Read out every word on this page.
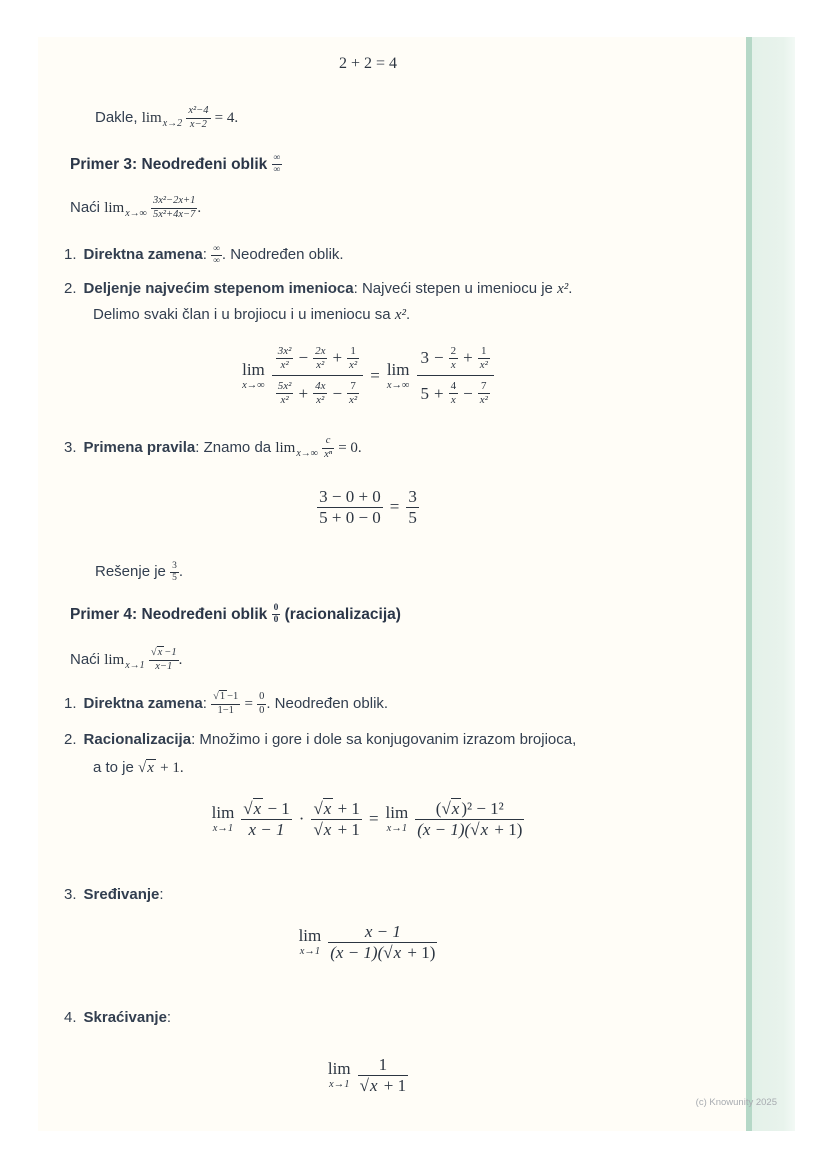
2 + 2 = 4
Dakle, $\lim_{x\to 2} \frac{\text{x²−4}}{x-2} = 4$.
Primer 3: Neodređeni oblik $\frac{\infty}{\infty}$
Naći $\lim_{x\to\infty} \frac{\text{3x²−2x+1}}{\text{5x²+4x−7}}$ .
1. Direktna zamena: $\frac{\infty}{\infty}$ . Neodređen oblik.
2. Deljenje najvećim stepenom imenioca: Najveći stepen u imeniocu je x².
Delimo svaki član i u brojiocu i u imeniocu sa x².
lim
$x\to\infty \frac{\frac{\text{3x²}}{\text{x²}} - \frac{2x}{\text{x²}} + \frac{1}{\text{x²}}}{\frac{\text{5x²}}{\text{x²}} + \frac{4x}{\text{x²}} - \frac{7}{\text{x²}}} = \lim$
$x\to\infty \frac{3 - \frac{2}{x} + \frac{1}{\text{x²}}}{5 + \frac{4}{x} - \frac{7}{\text{x²}}}$
3. Primena pravila: Znamo da $\lim_{x\to\infty} \frac{c}{\text{xⁿ}} = 0$.
$\frac{3 - 0 + 0}{5 + 0 - 0} = \frac{3}{5}$
Rešenje je $\frac{3}{5}$ .
Primer 4: Neodređeni oblik $\frac{0}{0}$ (racionalizacija)
Naći $\lim_{x\to 1} \frac{√x -1}{x-1}$ .
1. Direktna zamena: $\frac{√1 -1}{1-1} = \frac{0}{0}$ . Neodređen oblik.
2. Racionalizacija: Množimo i gore i dole sa konjugovanim izrazom brojioca,
a to je √x + 1.
lim
$x\to 1 \frac{√x - 1}{x - 1} \cdot \frac{√x + 1}{√x + 1} = \lim$
$x\to 1 \frac{\text{(√x )² − 1²}}{(x - 1)(√x + 1)}$
3. Sređivanje:
lim
$x\to 1 \frac{x - 1}{(x - 1)(√x + 1)}$
4. Skraćivanje:
lim
$x\to 1 \frac{1}{√x + 1}$
(c) Knowunity 2025
